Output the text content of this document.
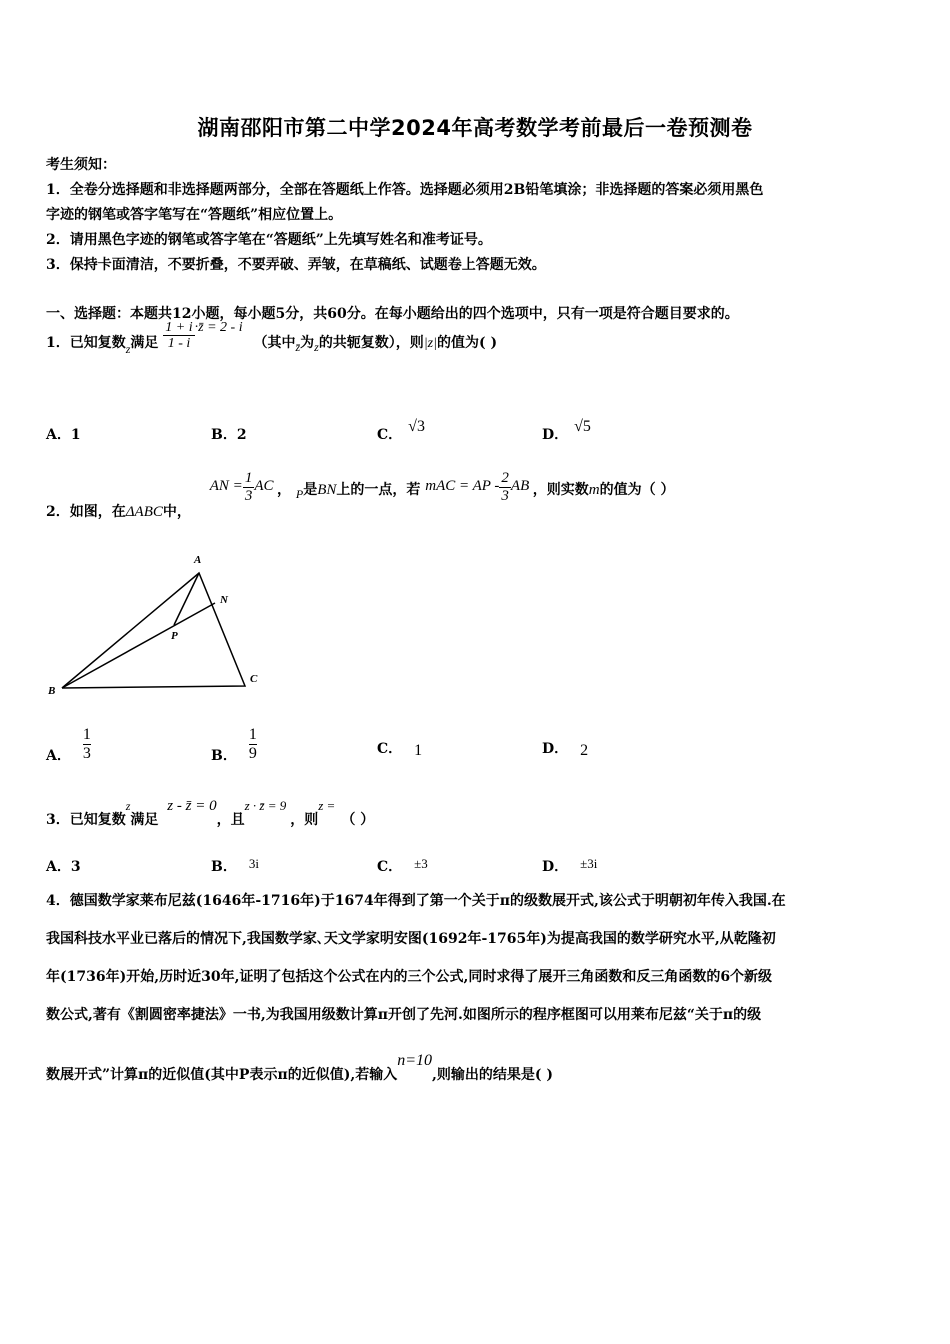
湖南邵阳市第二中学2024年高考数学考前最后一卷预测卷
考生须知：
1．全卷分选择题和非选择题两部分，全部在答题纸上作答。选择题必须用2B铅笔填涂；非选择题的答案必须用黑色
字迹的钢笔或答字笔写在“答题纸”相应位置上。
2．请用黑色字迹的钢笔或答字笔在“答题纸”上先填写姓名和准考证号。
3．保持卡面清洁，不要折叠，不要弄破、弄皱，在草稿纸、试题卷上答题无效。
一、选择题：本题共12小题，每小题5分，共60分。在每小题给出的四个选项中，只有一项是符合题目要求的。
1．已知复数z满足 $\frac{1 + i}{1 - i}$ ·z̄ = 2 - i （其中z̄为z的共轭复数），则|z|的值为( )
A．1	B．2	C． √3	D． √5
2．如图，在ΔABC中， AN = $\frac{1}{3}$ AC ， P是BN上的一点，若 mAC = AP - $\frac{2}{3}$ AB ，则实数m的值为（ ）
A
N
P
B
C
A． $\frac{1}{3}$	B． $\frac{1}{9}$	C． 1	D． 2
3．已知复数z满足 z - z̄ = 0，且z · z̄ = 9，则z =（ ）
A．3	B． 3i	C． ±3	D． ±3i
4．德国数学家莱布尼兹(1646年-1716年)于1674年得到了第一个关于π的级数展开式,该公式于明朝初年传入我国.在
我国科技水平业已落后的情况下,我国数学家､天文学家明安图(1692年-1765年)为提高我国的数学研究水平,从乾隆初
年(1736年)开始,历时近30年,证明了包括这个公式在内的三个公式,同时求得了展开三角函数和反三角函数的6个新级
数公式,著有《割圆密率捷法》一书,为我国用级数计算π开创了先河.如图所示的程序框图可以用莱布尼兹“关于π的级
数展开式”计算π的近似值(其中P表示π的近似值),若输入n=10,则输出的结果是( )
